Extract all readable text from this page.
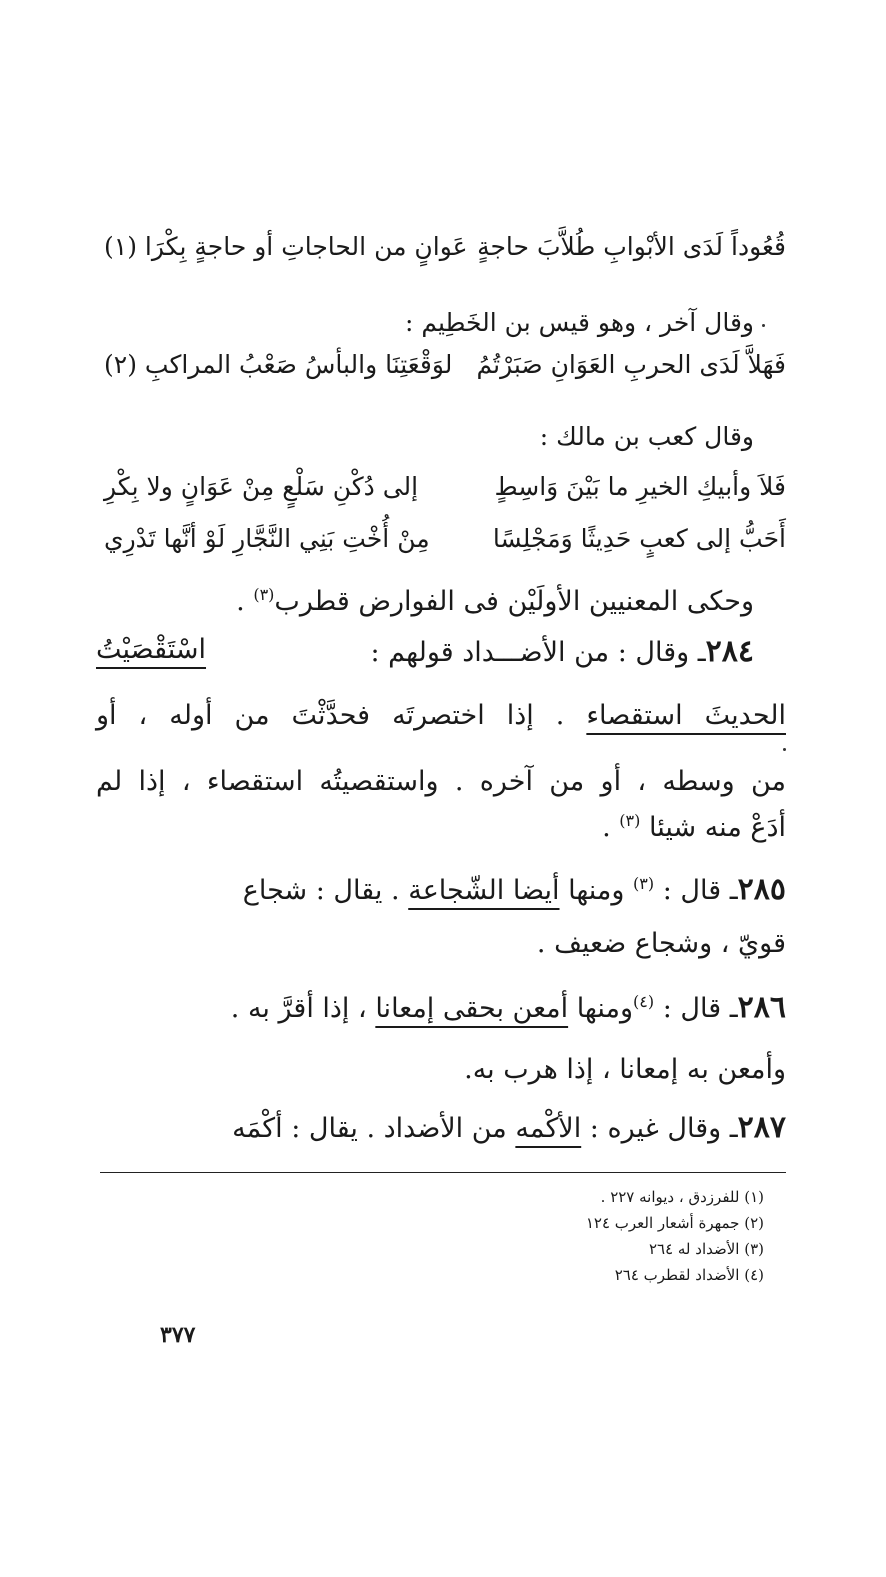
قُعُوداً لَدَى الأبْوابِ طُلاَّبَ حاجةٍ
عَوانٍ من الحاجاتِ أو حاجةٍ بِكْرَا (١)
وقال آخر ، وهو قيس بن الخَطِيم :
فَهَلاَّ لَدَى الحربِ العَوَانِ صَبَرْتُمُ
لوَقْعَتِنَا والبأسُ صَعْبُ المراكبِ (٢)
وقال كعب بن مالك :
فَلاَ وأبيكِ الخيرِ ما بَيْنَ وَاسِطٍ
إلى دُكْنِ سَلْعٍ مِنْ عَوَانٍ ولا بِكْرِ
أَحَبُّ إلى كعبٍ حَدِيثًا وَمَجْلِسًا
مِنْ أُخْتِ بَنِي النَّجَّارِ لَوْ أنَّها تَدْرِي
وحكى المعنيين الأولَيْن فى الفوارض قطرب$^{(٣)}$ .
٢٨٤ـ وقال : من الأضـــداد قولهم :
اسْتَقْصَيْتُ
الحديثَ استقصاء . إذا اختصرتَه فحدَّثْتَ من أوله ، أو
من وسطه ، أو من آخره . واستقصيتُه استقصاء ، إذا لم
أدَعْ منه شيئا $^{(٣)}$ .
٢٨٥ـ قال : $^{(٣)}$ ومنها أيضا الشّجاعة . يقال : شجاع
قويّ ، وشجاع ضعيف .
٢٨٦ـ قال : $^{(٤)}$ومنها أمعن بحقى إمعانا ، إذا أقرَّ به .
وأمعن به إمعانا ، إذا هرب به.
٢٨٧ـ وقال غيره : الأكْمه من الأضداد . يقال : أكْمَه
(١) للفرزدق ، ديوانه ٢٢٧ .
(٢) جمهرة أشعار العرب ١٢٤
(٣) الأضداد له ٢٦٤
(٤) الأضداد لقطرب ٢٦٤
٣٧٧
